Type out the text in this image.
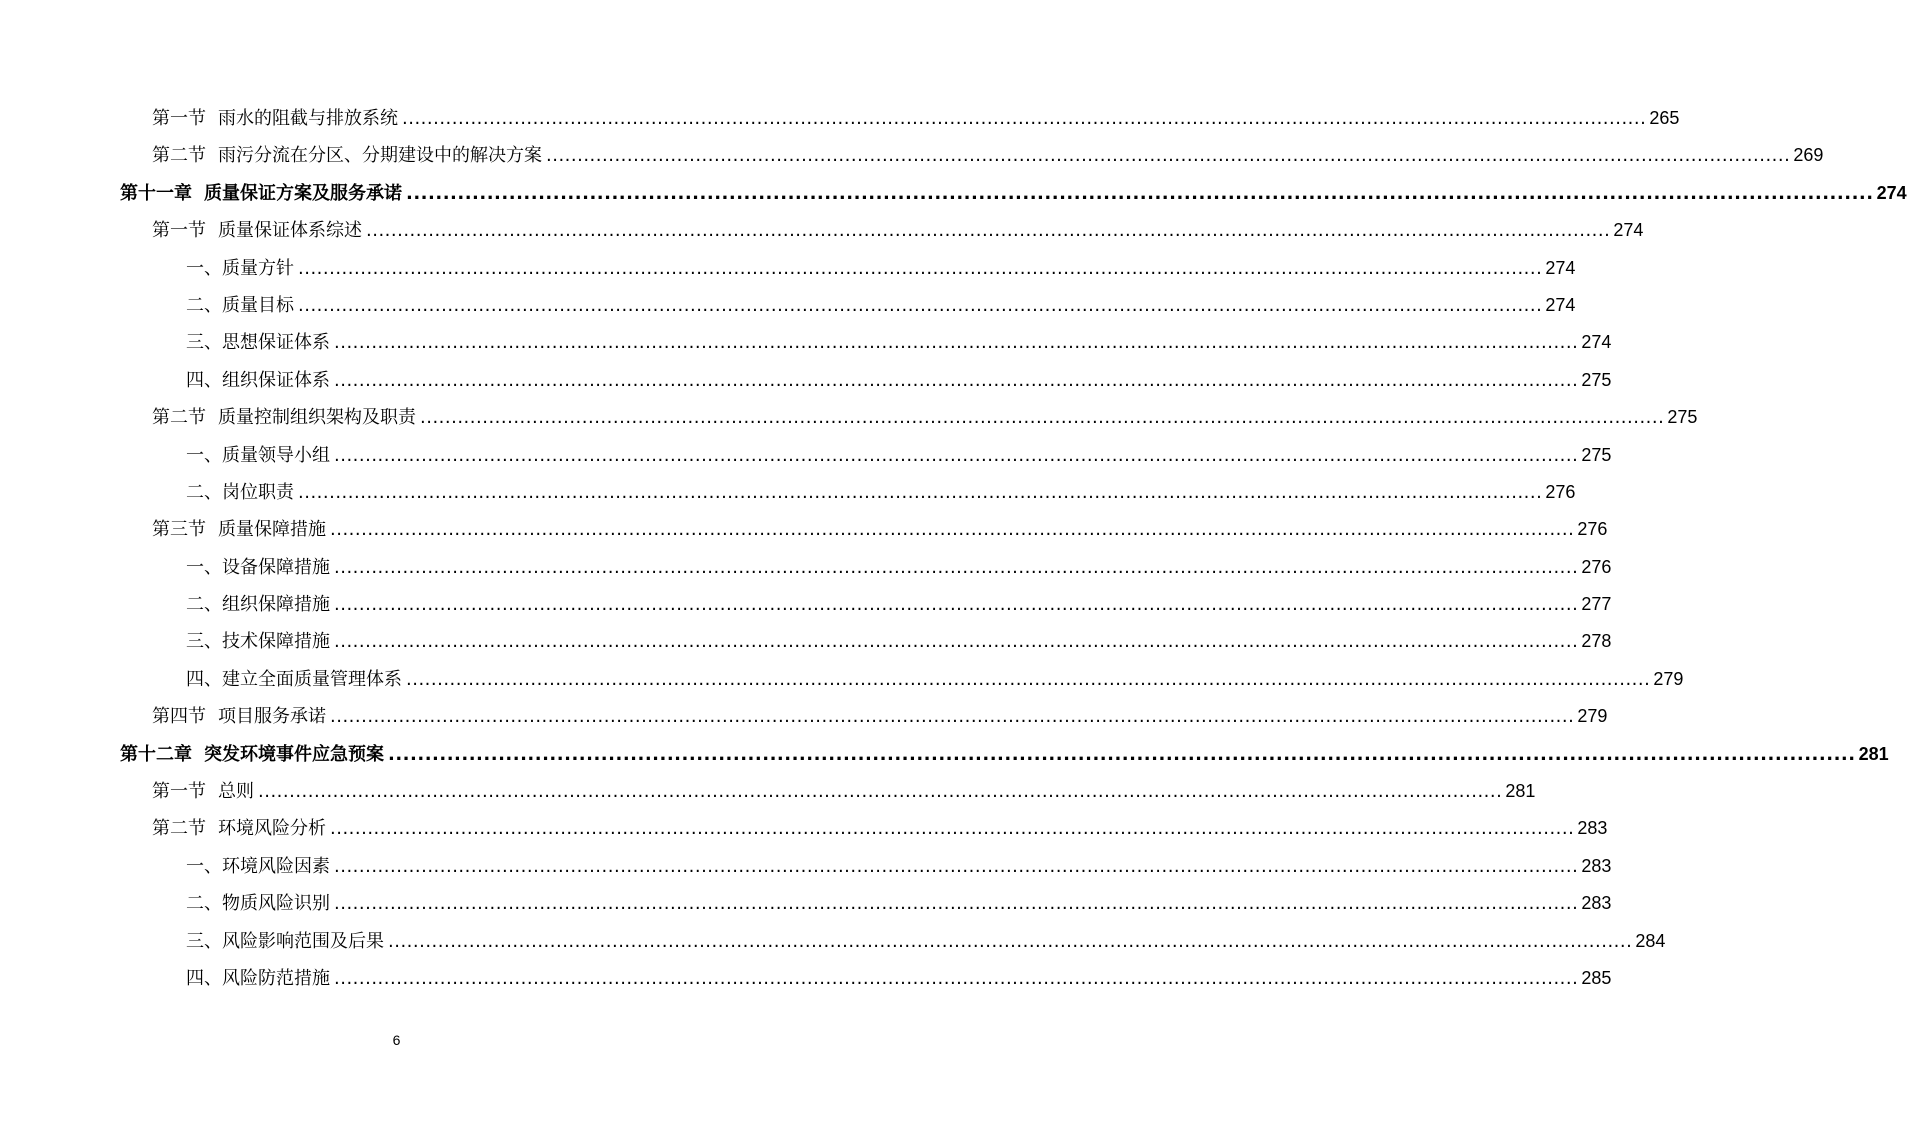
第一节 雨水的阻截与排放系统 ........................................................................................................................................................................................................ 265
第二节 雨污分流在分区、分期建设中的解决方案 ........................................................................................................................................................................................................ 269
第十一章 质量保证方案及服务承诺 ........................................................................................................................................................................................................ 274
第一节 质量保证体系综述 ........................................................................................................................................................................................................ 274
一、质量方针 ........................................................................................................................................................................................................ 274
二、质量目标 ........................................................................................................................................................................................................ 274
三、思想保证体系 ........................................................................................................................................................................................................ 274
四、组织保证体系 ........................................................................................................................................................................................................ 275
第二节 质量控制组织架构及职责 ........................................................................................................................................................................................................ 275
一、质量领导小组 ........................................................................................................................................................................................................ 275
二、岗位职责 ........................................................................................................................................................................................................ 276
第三节 质量保障措施 ........................................................................................................................................................................................................ 276
一、设备保障措施 ........................................................................................................................................................................................................ 276
二、组织保障措施 ........................................................................................................................................................................................................ 277
三、技术保障措施 ........................................................................................................................................................................................................ 278
四、建立全面质量管理体系 ........................................................................................................................................................................................................ 279
第四节 项目服务承诺 ........................................................................................................................................................................................................ 279
第十二章 突发环境事件应急预案 ........................................................................................................................................................................................................ 281
第一节 总则 ........................................................................................................................................................................................................ 281
第二节 环境风险分析 ........................................................................................................................................................................................................ 283
一、环境风险因素 ........................................................................................................................................................................................................ 283
二、物质风险识别 ........................................................................................................................................................................................................ 283
三、风险影响范围及后果 ........................................................................................................................................................................................................ 284
四、风险防范措施 ........................................................................................................................................................................................................ 285
6
